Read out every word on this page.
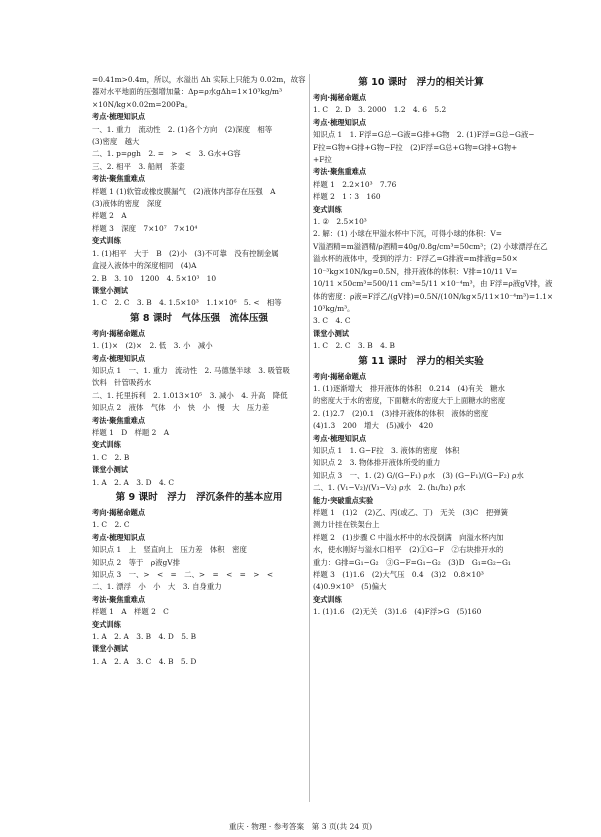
=0.41m>0.4m，所以，水溢出 Δh 实际上只能为 0.02m，故容
器对水平地面的压强增加量：Δp=ρ水gΔh=1×10³kg/m³
×10N/kg×0.02m=200Pa。
考点·梳理知识点
一、1. 重力　流动性　2. (1)各个方向　(2)深度　相等
(3)密度　越大
二、1. p=ρgh　2. =　>　<　3. G水+G容
三、2. 相平　3. 船闸　茶壶
考法·聚焦重难点
样题 1 (1)软管或橡皮膜漏气　(2)液体内部存在压强　A
(3)液体的密度　深度
样题 2　A
样题 3　深度　7×10⁷　7×10⁴
变式训练
1. (1)相平　大于　B　(2)小　(3)不可靠　没有控制金属
盒浸入液体中的深度相同　(4)A
2. B　3. 10　1200　4. 5×10³　10
课堂小测试
1. C　2. C　3. B　4. 1.5×10³　1.1×10⁶　5. <　相等
第 8 课时　气体压强　流体压强
考向·揭秘命题点
1. (1)×　(2)×　2. 低　3. 小　减小
考点·梳理知识点
知识点 1　一、1. 重力　流动性　2. 马德堡半球　3. 吸管吸
饮料　针管吸药水
二、1. 托里拆利　2. 1.013×10⁵　3. 减小　4. 升高　降低
知识点 2　液体　气体　小　快　小　慢　大　压力差
考法·聚焦重难点
样题 1　D　样题 2　A
变式训练
1. C　2. B
课堂小测试
1. A　2. A　3. D　4. C
第 9 课时　浮力　浮沉条件的基本应用
考向·揭秘命题点
1. C　2. C
考点·梳理知识点
知识点 1　上　竖直向上　压力差　体积　密度
知识点 2　等于　ρ液gV排
知识点 3　一、>　<　=　二、>　=　<　=　>　<
二、1. 漂浮　小　小　大　3. 自身重力
考法·聚焦重难点
样题 1　A　样题 2　C
变式训练
1. A　2. A　3. B　4. D　5. B
课堂小测试
1. A　2. A　3. C　4. B　5. D
第 10 课时　浮力的相关计算
考向·揭秘命题点
1. C　2. D　3. 2000　1.2　4. 6　5.2
考点·梳理知识点
知识点 1　1. F浮=G总−G液=G排+G物　2. (1)F浮=G总−G液−
F拉=G物+G排+G物−F拉　(2)F浮=G总+G物=G排+G物+
+F拉
考法·聚焦重难点
样题 1　2.2×10³　7.76
样题 2　1∶3　160
变式训练
1. ②　2.5×10³
2. 解：(1) 小球在甲溢水杯中下沉，可得小球的体积：V=
V溢酒精=m溢酒精/ρ酒精=40g/0.8g/cm³=50cm³；(2) 小球漂浮在乙
溢水杯的液体中，受到的浮力：F浮乙=G排液=m排液g=50×
10⁻³kg×10N/kg=0.5N，排开液体的体积：V排=10/11 V=
10/11 ×50cm³=500/11 cm³=5/11 ×10⁻⁴m³，由 F浮=ρ液gV排，液
体的密度：ρ液=F浮乙/(gV排)=0.5N/(10N/kg×5/11×10⁻⁴m³)=1.1×
10³kg/m³。
3. C　4. C
课堂小测试
1. C　2. C　3. B　4. B
第 11 课时　浮力的相关实验
考向·揭秘命题点
1. (1)逐渐增大　排开液体的体积　0.214　(4)有关　糖水
的密度大于水的密度，下面糖水的密度大于上面糖水的密度
2. (1)2.7　(2)0.1　(3)排开液体的体积　液体的密度
(4)1.3　200　增大　(5)减小　420
考点·梳理知识点
知识点 1　1. G−F拉　3. 液体的密度　体积
知识点 2　3. 物体排开液体所受的重力
知识点 3　一、1. (2) G/(G−F₁) ρ水　(3) (G−F₁)/(G−F₂) ρ水
二、1. (V₁−V₂)/(V₃−V₂) ρ水　2. (h₁/h₂) ρ水
能力·突破重点实验
样题 1　(1)2　(2)乙、丙(或乙、丁)　无关　(3)C　把弹簧
测力计挂在铁架台上
样题 2　(1)步骤 C 中溢水杯中的水没倒满　向溢水杯内加
水，使水刚好与溢水口相平　(2)①G−F　②右块排开水的
重力：G排=G₁−G₂　③G−F=G₁−G₂　(3)D　G₁=G₂−G₁
样题 3　(1)1.6　(2)大气压　0.4　(3)2　0.8×10³
(4)0.9×10³　(5)偏大
变式训练
1. (1)1.6　(2)无关　(3)1.6　(4)F浮>G　(5)160
重庆 · 物理 · 参考答案　第 3 页(共 24 页)
